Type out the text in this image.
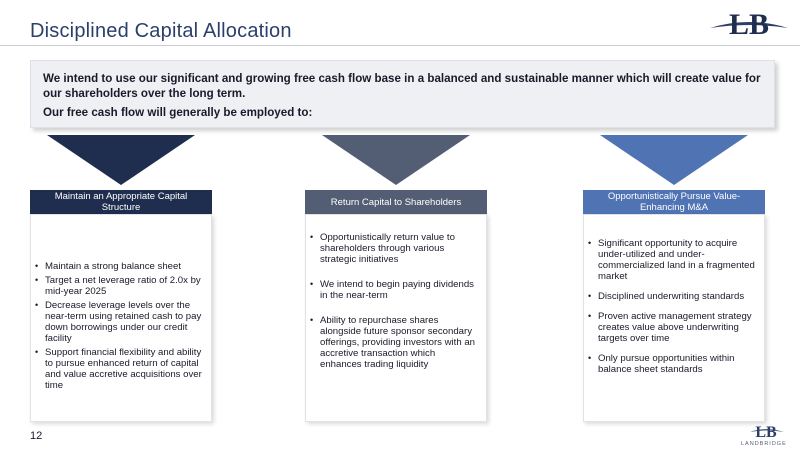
Disciplined Capital Allocation	LB

We intend to use our significant and growing free cash flow base in a balanced and sustainable manner which will create value for our shareholders over the long term.

Our free cash flow will generally be employed to:

Maintain an Appropriate Capital Structure
• Maintain a strong balance sheet
• Target a net leverage ratio of 2.0x by mid-year 2025
• Decrease leverage levels over the near-term using retained cash to pay down borrowings under our credit facility
• Support financial flexibility and ability to pursue enhanced return of capital and value accretive acquisitions over time
Return Capital to Shareholders
• Opportunistically return value to shareholders through various strategic initiatives
• We intend to begin paying dividends in the near-term
• Ability to repurchase shares alongside future sponsor secondary offerings, providing investors with an accretive transaction which enhances trading liquidity
Opportunistically Pursue Value-Enhancing M&A
• Significant opportunity to acquire under-utilized and under-commercialized land in a fragmented market
• Disciplined underwriting standards
• Proven active management strategy creates value above underwriting targets over time
• Only pursue opportunities within balance sheet standards
12	LB
LANDBRIDGE
